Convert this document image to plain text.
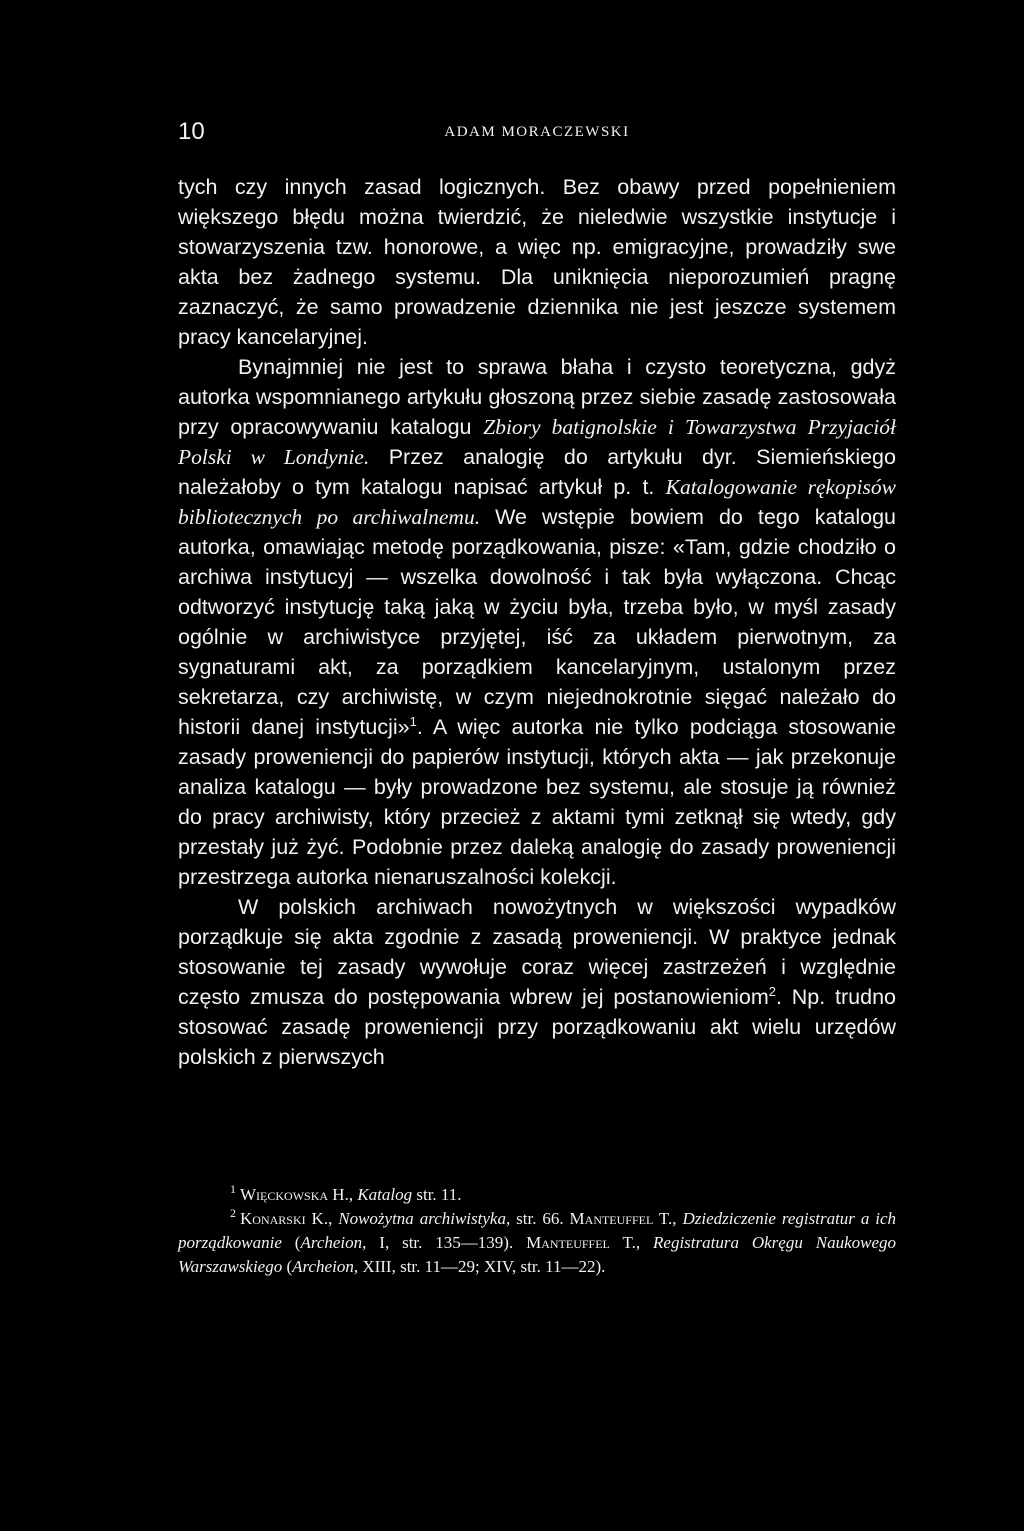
10	ADAM MORACZEWSKI

tych czy innych zasad logicznych. Bez obawy przed popełnieniem większego błędu można twierdzić, że nieledwie wszystkie instytucje i stowarzyszenia tzw. honorowe, a więc np. emigracyjne, prowadziły swe akta bez żadnego systemu. Dla uniknięcia nieporozumień pragnę zaznaczyć, że samo prowadzenie dziennika nie jest jeszcze systemem pracy kancelaryjnej.

Bynajmniej nie jest to sprawa błaha i czysto teoretyczna, gdyż autorka wspomnianego artykułu głoszoną przez siebie zasadę zastosowała przy opracowywaniu katalogu Zbiory batignolskie i Towarzystwa Przyjaciół Polski w Londynie. Przez analogię do artykułu dyr. Siemieńskiego należałoby o tym katalogu napisać artykuł p. t. Katalogowanie rękopisów bibliotecznych po archiwalnemu. We wstępie bowiem do tego katalogu autorka, omawiając metodę porządkowania, pisze: «Tam, gdzie chodziło o archiwa instytucyj — wszelka dowolność i tak była wyłączona. Chcąc odtworzyć instytucję taką jaką w życiu była, trzeba było, w myśl zasady ogólnie w archiwistyce przyjętej, iść za układem pierwotnym, za sygnaturami akt, za porządkiem kancelaryjnym, ustalonym przez sekretarza, czy archiwistę, w czym niejednokrotnie sięgać należało do historii danej instytucji»$^1$. A więc autorka nie tylko podciąga stosowanie zasady proweniencji do papierów instytucji, których akta — jak przekonuje analiza katalogu — były prowadzone bez systemu, ale stosuje ją również do pracy archiwisty, który przecież z aktami tymi zetknął się wtedy, gdy przestały już żyć. Podobnie przez daleką analogię do zasady proweniencji przestrzega autorka nienaruszalności kolekcji.

W polskich archiwach nowożytnych w większości wypadków porządkuje się akta zgodnie z zasadą proweniencji. W praktyce jednak stosowanie tej zasady wywołuje coraz więcej zastrzeżeń i względnie często zmusza do postępowania wbrew jej postanowieniom$^2$. Np. trudno stosować zasadę proweniencji przy porządkowaniu akt wielu urzędów polskich z pierwszych

$^1$ Więckowska H., Katalog str. 11.

$^2$ Konarski K., Nowożytna archiwistyka, str. 66. Manteuffel T., Dziedziczenie registratur a ich porządkowanie (Archeion, I, str. 135—139). Manteuffel T., Registratura Okręgu Naukowego Warszawskiego (Archeion, XIII, str. 11—29; XIV, str. 11—22).
